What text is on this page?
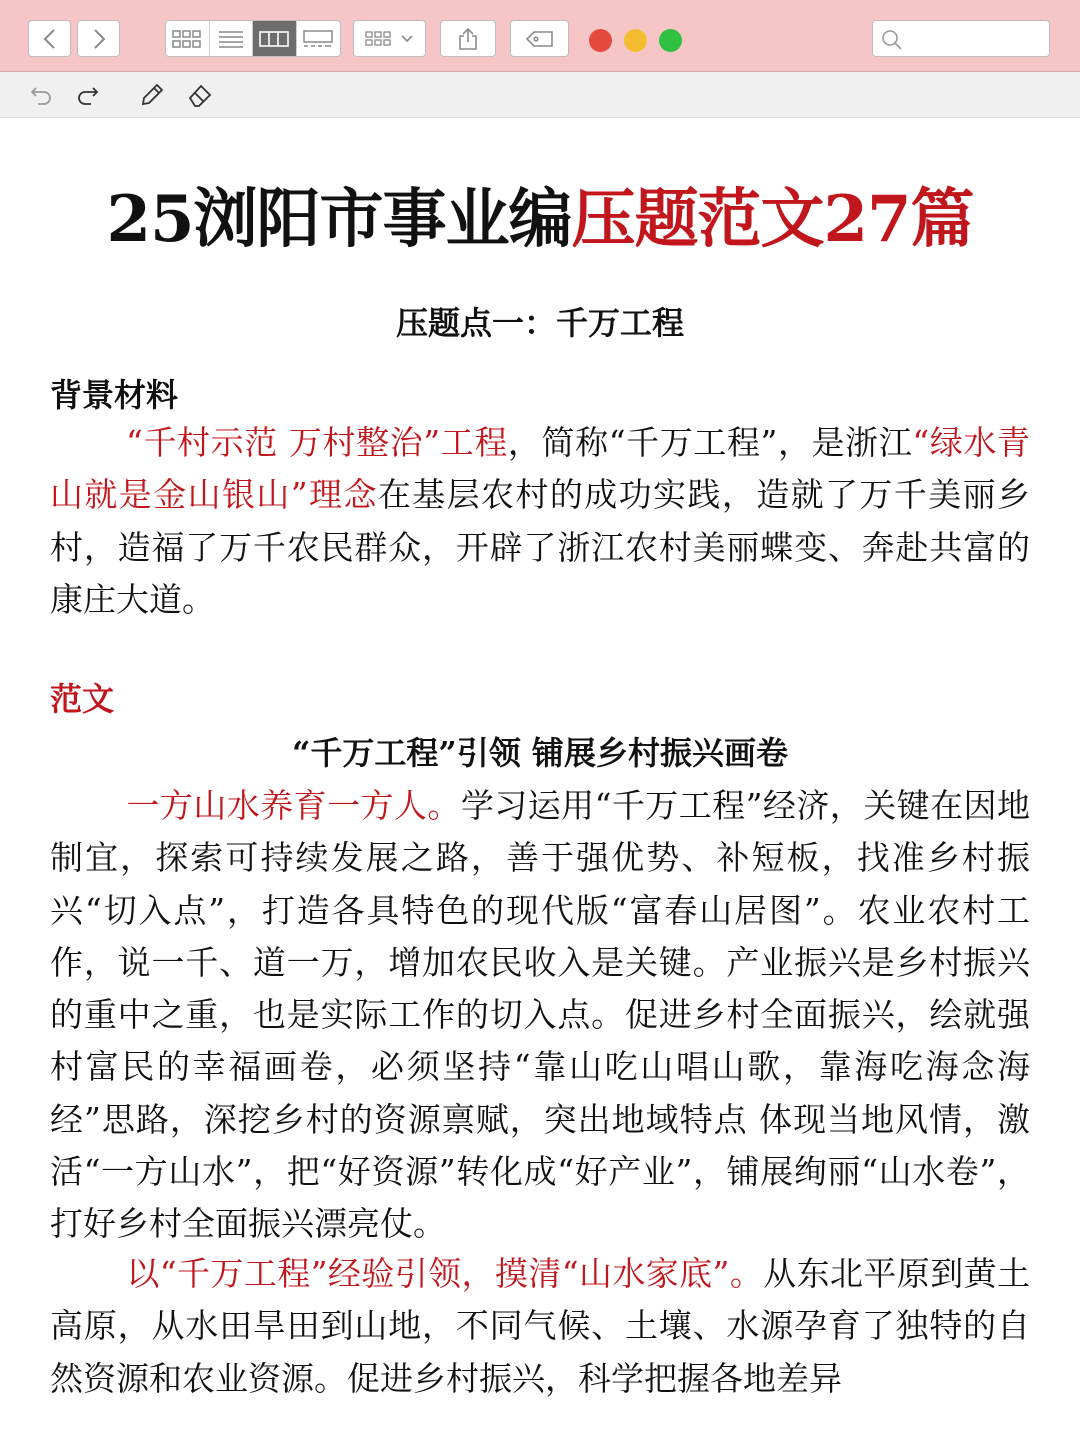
25浏阳市事业编压题范文27篇
压题点一：千万工程
背景材料
“千村示范 万村整治”工程，简称“千万工程”，是浙江“绿水青山就是金山银山”理念在基层农村的成功实践，造就了万千美丽乡村，造福了万千农民群众，开辟了浙江农村美丽蝶变、奔赴共富的康庄大道。
范文
“千万工程”引领 铺展乡村振兴画卷
一方山水养育一方人。学习运用“千万工程”经济，关键在因地制宜，探索可持续发展之路，善于强优势、补短板，找准乡村振兴“切入点”，打造各具特色的现代版“富春山居图”。农业农村工作，说一千、道一万，增加农民收入是关键。产业振兴是乡村振兴的重中之重，也是实际工作的切入点。促进乡村全面振兴，绘就强村富民的幸福画卷，必须坚持“靠山吃山唱山歌，靠海吃海念海经”思路，深挖乡村的资源禀赋，突出地域特点 体现当地风情，激活“一方山水”，把“好资源”转化成“好产业”，铺展绚丽“山水卷”，打好乡村全面振兴漂亮仗。
以“千万工程”经验引领，摸清“山水家底”。从东北平原到黄土高原，从水田旱田到山地，不同气候、土壤、水源孕育了独特的自然资源和农业资源。促进乡村振兴，科学把握各地差异
